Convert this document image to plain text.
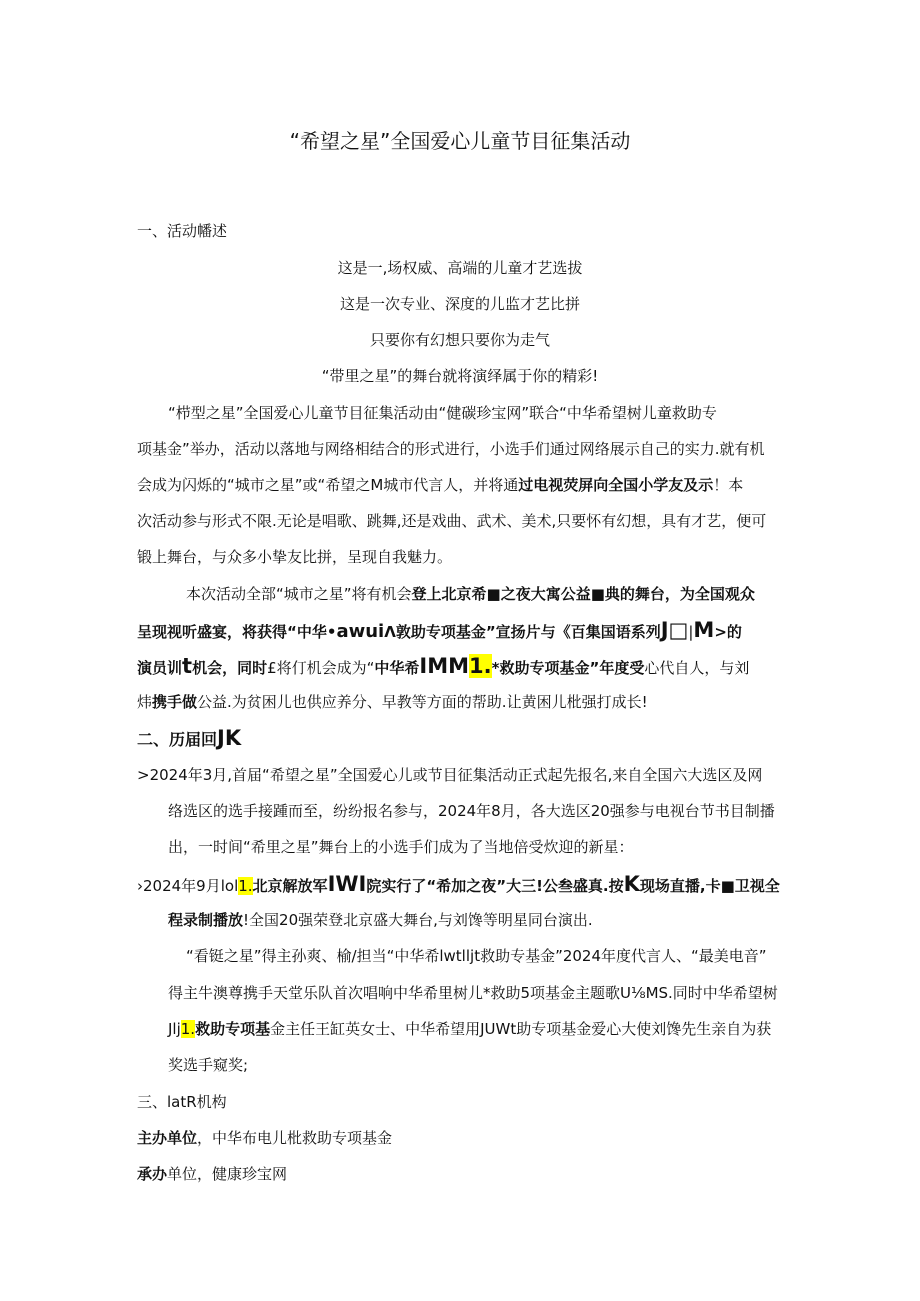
“希望之星”全国爱心儿童节目征集活动
一、活动幡述
这是一,场权威、高端的儿童才艺选拔
这是一次专业、深度的儿监才艺比拼
只要你有幻想只要你为走气
“带里之星”的舞台就将演绎属于你的精彩!
“栉型之星”全国爱心儿童节目征集活动由“健碳珍宝网”联合“中华希望树儿童救助专
项基金”举办，活动以落地与网络相结合的形式进行，小选手们通过网络展示自己的实力.就有机
会成为闪烁的“城市之星”或“希望之M城市代言人，并将通过电视荧屏向全国小学友及示！本
次活动参与形式不限.无论是唱歌、跳舞,还是戏曲、武术、美术,只要怀有幻想，具有才艺，便可
锻上舞台，与众多小挚友比拼，呈现自我魅力。
本次活动全部“城市之星”将有机会登上北京希■之夜大寓公益■典的舞台，为全国观众
呈现视听盛宴，将获得“中华•awuiΛ敦助专项基金”宣扬片与《百集国语系列J□|M>的
演员训t机会，同时£将仃机会成为“中华希IMM1.*救助专项基金”年度受心代自人，与刘
炜携手做公益.为贫困儿也供应养分、早教等方面的帮助.让黄困儿枇强打成长!
二、历届回JK
>2024年3月,首届“希望之星”全国爱心儿或节目征集活动正式起先报名,来自全国六大选区及网
络选区的选手接踵而至，纷纷报名参与，2024年8月，各大选区20强参与电视台节书目制播
出，一时间“希里之星”舞台上的小选手们成为了当地倍受炊迎的新星：
›2024年9月lol1.北京解放军IWI院实行了“希加之夜”大三!公叁盛真.按K现场直播,卡■卫视全
程录制播放!全国20强荣登北京盛大舞台,与刘馋等明星同台演出.
“看铤之星”得主孙爽、榆/担当“中华希lwtlljt救助专基金”2024年度代言人、“最美电音”
得主牛澳尊携手天堂乐队首次唱响中华希里树儿*救助5项基金主题歌U⅛MS.同时中华希望树
Jlj1.救助专项基金主任王缸英女士、中华希望用JUWt助专项基金爱心大使刘馋先生亲自为获
奖选手窥奖;
三、latR机构
主办单位，中华布电儿枇救助专项基金
承办单位，健康珍宝网
